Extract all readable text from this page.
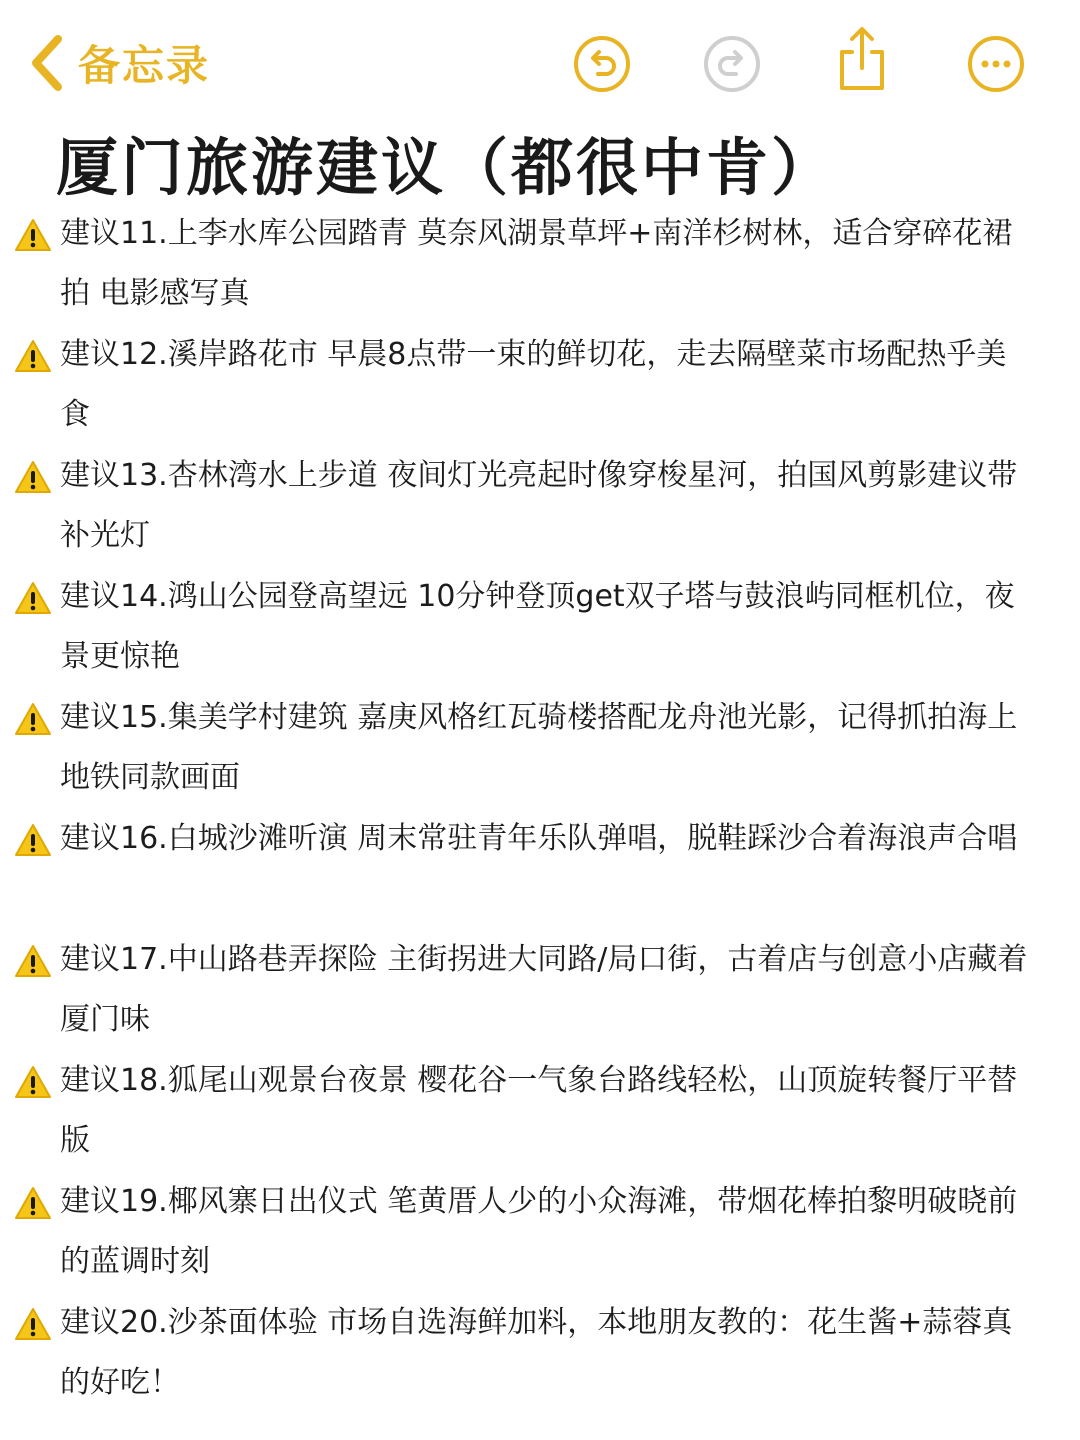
备忘录
厦门旅游建议（都很中肯）
建议11.上李水库公园踏青 莫奈风湖景草坪+南洋杉树林，适合穿碎花裙拍 电影感写真
建议12.溪岸路花市 早晨8点带一束的鲜切花，走去隔壁菜市场配热乎美食
建议13.杏林湾水上步道 夜间灯光亮起时像穿梭星河，拍国风剪影建议带补光灯
建议14.鸿山公园登高望远 10分钟登顶get双子塔与鼓浪屿同框机位，夜景更惊艳
建议15.集美学村建筑 嘉庚风格红瓦骑楼搭配龙舟池光影，记得抓拍海上地铁同款画面
建议16.白城沙滩听演 周末常驻青年乐队弹唱，脱鞋踩沙合着海浪声合唱
建议17.中山路巷弄探险 主街拐进大同路/局口街，古着店与创意小店藏着厦门味
建议18.狐尾山观景台夜景 樱花谷一气象台路线轻松，山顶旋转餐厅平替版
建议19.椰风寨日出仪式 笔黄厝人少的小众海滩，带烟花棒拍黎明破晓前的蓝调时刻
建议20.沙茶面体验 市场自选海鲜加料，本地朋友教的：花生酱+蒜蓉真的好吃！
